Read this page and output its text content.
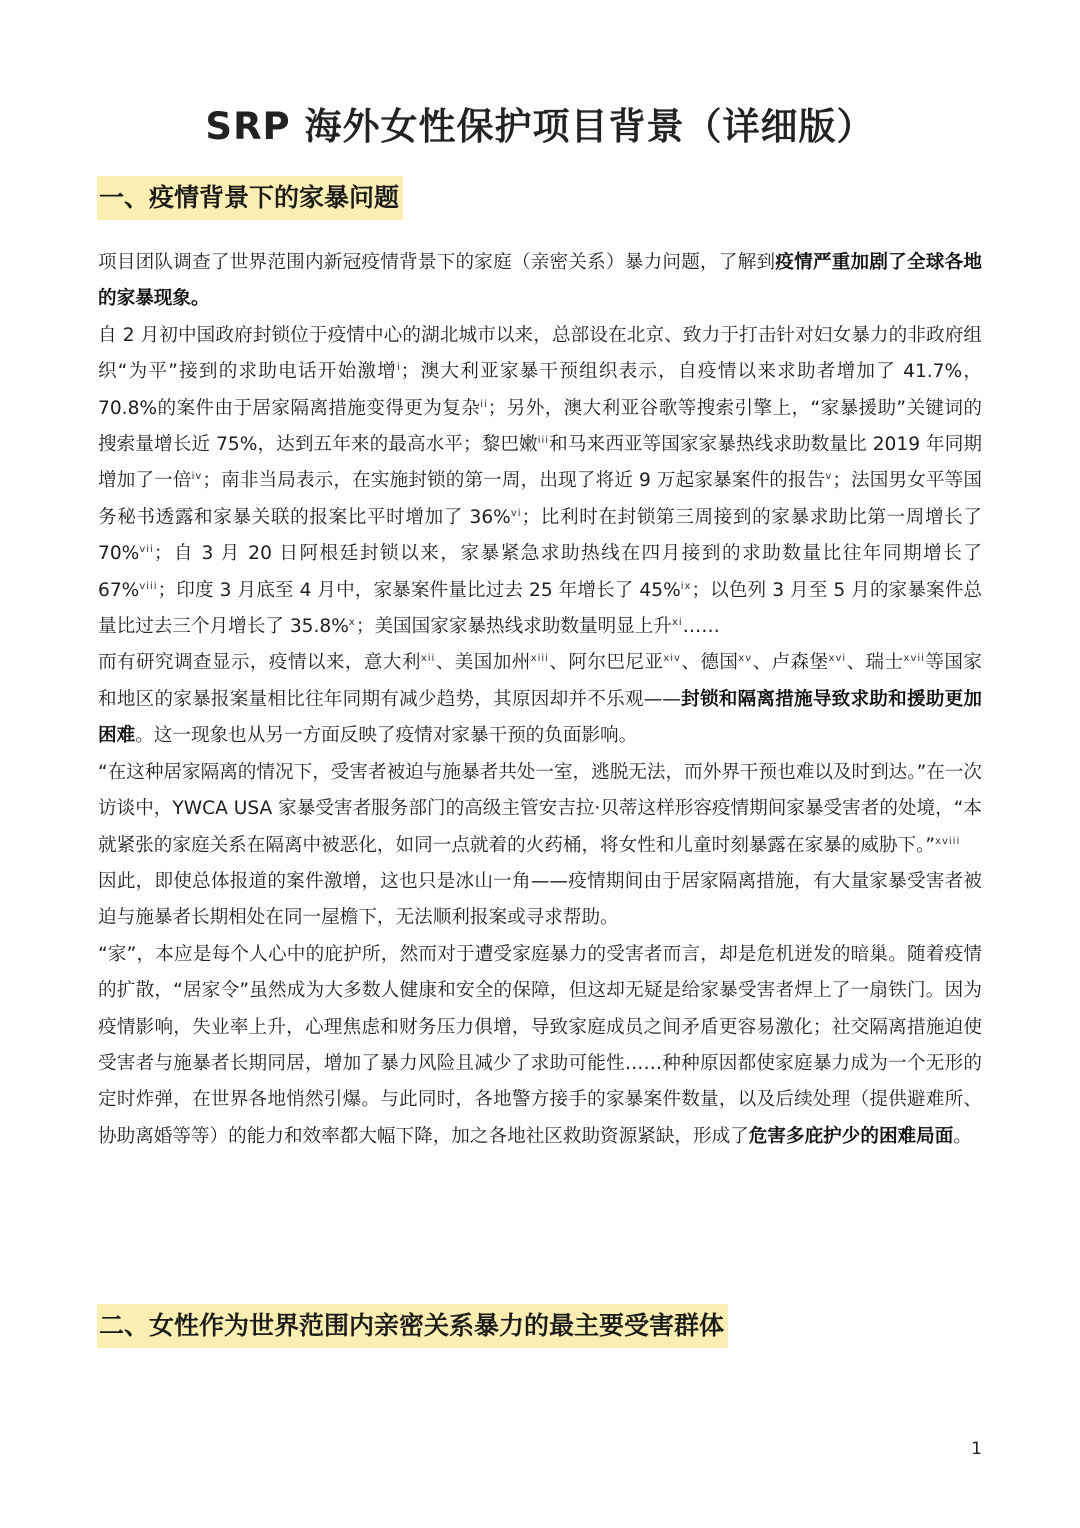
SRP 海外女性保护项目背景（详细版）
一、疫情背景下的家暴问题

项目团队调查了世界范围内新冠疫情背景下的家庭（亲密关系）暴力问题，了解到疫情严重加剧了全球各地的家暴现象。

自 2 月初中国政府封锁位于疫情中心的湖北城市以来，总部设在北京、致力于打击针对妇女暴力的非政府组织“为平”接到的求助电话开始激增$^i$；澳大利亚家暴干预组织表示，自疫情以来求助者增加了 41.7%，70.8%的案件由于居家隔离措施变得更为复杂$^{ii}$；另外，澳大利亚谷歌等搜索引擎上，“家暴援助”关键词的搜索量增长近 75%，达到五年来的最高水平；黎巴嫩$^{iii}$和马来西亚等国家家暴热线求助数量比 2019 年同期增加了一倍$^{iv}$；南非当局表示，在实施封锁的第一周，出现了将近 9 万起家暴案件的报告$^v$；法国男女平等国务秘书透露和家暴关联的报案比平时增加了 36%$^{vi}$；比利时在封锁第三周接到的家暴求助比第一周增长了 70%$^{vii}$；自 3 月 20 日阿根廷封锁以来，家暴紧急求助热线在四月接到的求助数量比往年同期增长了 67%$^{viii}$；印度 3 月底至 4 月中，家暴案件量比过去 25 年增长了 45%$^{ix}$；以色列 3 月至 5 月的家暴案件总量比过去三个月增长了 35.8%$^x$；美国国家家暴热线求助数量明显上升$^{xi}$……

而有研究调查显示，疫情以来，意大利$^{xii}$、美国加州$^{xiii}$、阿尔巴尼亚$^{xiv}$、德国$^{xv}$、卢森堡$^{xvi}$、瑞士$^{xvii}$等国家和地区的家暴报案量相比往年同期有减少趋势，其原因却并不乐观——封锁和隔离措施导致求助和援助更加困难。这一现象也从另一方面反映了疫情对家暴干预的负面影响。

“在这种居家隔离的情况下，受害者被迫与施暴者共处一室，逃脱无法，而外界干预也难以及时到达。”在一次访谈中，YWCA USA 家暴受害者服务部门的高级主管安吉拉·贝蒂这样形容疫情期间家暴受害者的处境，“本就紧张的家庭关系在隔离中被恶化，如同一点就着的火药桶，将女性和儿童时刻暴露在家暴的威胁下。”$^{xviii}$

因此，即使总体报道的案件激增，这也只是冰山一角——疫情期间由于居家隔离措施，有大量家暴受害者被迫与施暴者长期相处在同一屋檐下，无法顺利报案或寻求帮助。

“家”，本应是每个人心中的庇护所，然而对于遭受家庭暴力的受害者而言，却是危机迸发的暗巢。随着疫情的扩散，“居家令”虽然成为大多数人健康和安全的保障，但这却无疑是给家暴受害者焊上了一扇铁门。因为疫情影响，失业率上升，心理焦虑和财务压力俱增，导致家庭成员之间矛盾更容易激化；社交隔离措施迫使受害者与施暴者长期同居，增加了暴力风险且减少了求助可能性……种种原因都使家庭暴力成为一个无形的定时炸弹，在世界各地悄然引爆。与此同时，各地警方接手的家暴案件数量，以及后续处理（提供避难所、协助离婚等等）的能力和效率都大幅下降，加之各地社区救助资源紧缺，形成了危害多庇护少的困难局面。

二、女性作为世界范围内亲密关系暴力的最主要受害群体
1
